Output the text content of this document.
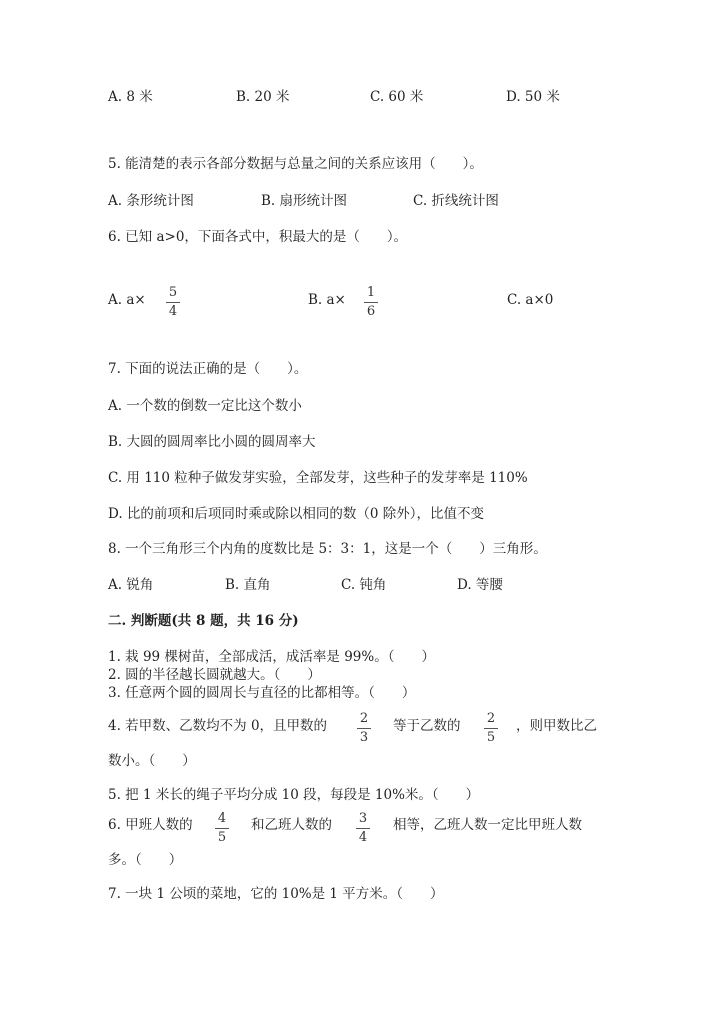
A. 8 米	B. 20 米	C. 60 米	D. 50 米
5. 能清楚的表示各部分数据与总量之间的关系应该用（　　）。
A. 条形统计图	B. 扇形统计图	C. 折线统计图
6. 已知 a>0，下面各式中，积最大的是（　　）。
A. a× 5
4
B. a× 1
6
C. a×0
7. 下面的说法正确的是（　　）。
A. 一个数的倒数一定比这个数小
B. 大圆的圆周率比小圆的圆周率大
C. 用 110 粒种子做发芽实验，全部发芽，这些种子的发芽率是 110%
D. 比的前项和后项同时乘或除以相同的数（0 除外），比值不变
8. 一个三角形三个内角的度数比是 5：3：1，这是一个（　　）三角形。
A. 锐角	B. 直角	C. 钝角	D. 等腰
二. 判断题(共 8 题，共 16 分)
1. 栽 99 棵树苗，全部成活，成活率是 99%。（　　）
2. 圆的半径越长圆就越大。（　　）
3. 任意两个圆的圆周长与直径的比都相等。（　　）
4. 若甲数、乙数均不为 0，且甲数的	2
3
等于乙数的 2
5
，则甲数比乙
数小。（　　）
5. 把 1 米长的绳子平均分成 10 段，每段是 10%米。（　　）
6. 甲班人数的 4
5
和乙班人数的 3
4
相等，乙班人数一定比甲班人数
多。（　　）
7. 一块 1 公顷的菜地，它的 10%是 1 平方米。（　　）
